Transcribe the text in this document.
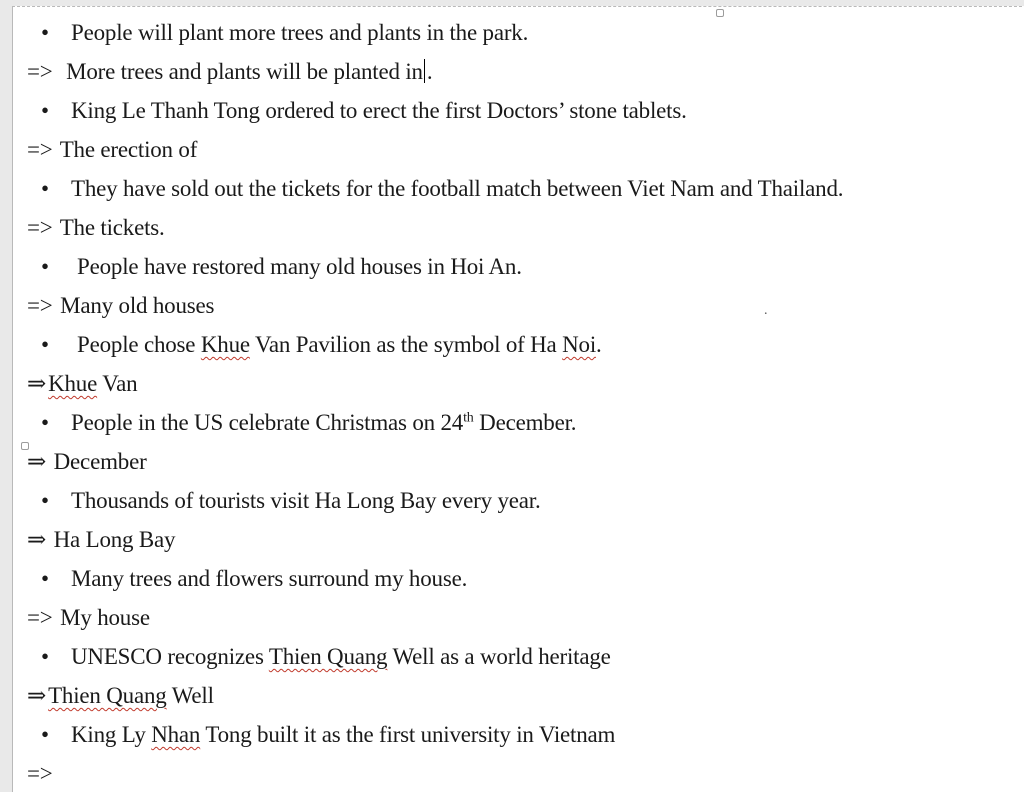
• People will plant more trees and plants in the park.
=> More trees and plants will be planted in .
• King Le Thanh Tong ordered to erect the first Doctors’ stone tablets.
=> The erection of
• They have sold out the tickets for the football match between Viet Nam and Thailand.
=> The tickets.
• People have restored many old houses in Hoi An.
=> Many old houses	.
• People chose Khue Van Pavilion as the symbol of Ha Noi.
⇒Khue Van
• People in the US celebrate Christmas on 24th December.
⇒ December
• Thousands of tourists visit Ha Long Bay every year.
⇒ Ha Long Bay
• Many trees and flowers surround my house.
=> My house
• UNESCO recognizes Thien Quang Well as a world heritage
⇒Thien Quang Well
• King Ly Nhan Tong built it as the first university in Vietnam
=>
